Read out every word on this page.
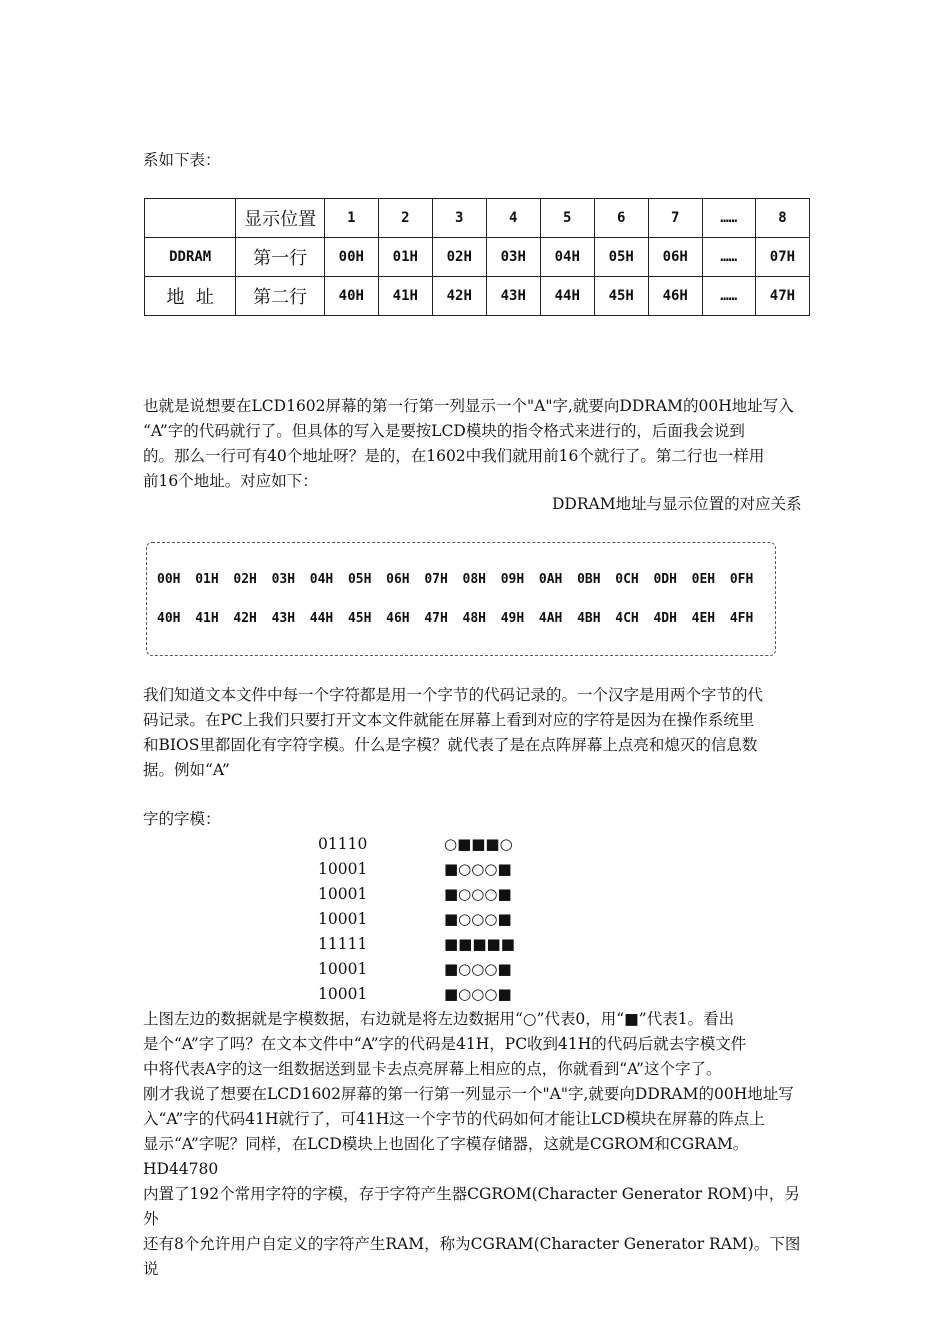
系如下表：

	显示位置	1	2	3	4	5	6	7	……	8
DDRAM	第一行	00H	01H	02H	03H	04H	05H	06H	……	07H
地  址	第二行	40H	41H	42H	43H	44H	45H	46H	……	47H

也就是说想要在LCD1602屏幕的第一行第一列显示一个"A"字,就要向DDRAM的00H地址写入
“A”字的代码就行了。但具体的写入是要按LCD模块的指令格式来进行的，后面我会说到
的。那么一行可有40个地址呀？是的，在1602中我们就用前16个就行了。第二行也一样用
前16个地址。对应如下：

DDRAM地址与显示位置的对应关系
00H	01H	02H	03H	04H	05H	06H	07H	08H	09H	0AH	0BH	0CH	0DH	0EH	0FH
40H	41H	42H	43H	44H	45H	46H	47H	48H	49H	4AH	4BH	4CH	4DH	4EH	4FH

我们知道文本文件中每一个字符都是用一个字节的代码记录的。一个汉字是用两个字节的代
码记录。在PC上我们只要打开文本文件就能在屏幕上看到对应的字符是因为在操作系统里
和BIOS里都固化有字符字模。什么是字模？就代表了是在点阵屏幕上点亮和熄灭的信息数
据。例如“A”

字的字模：

01110	○■■■○
10001	■○○○■
10001	■○○○■
10001	■○○○■
11111	■■■■■
10001	■○○○■
10001	■○○○■

上图左边的数据就是字模数据，右边就是将左边数据用“○”代表0，用“■”代表1。看出
是个“A”字了吗？在文本文件中“A”字的代码是41H，PC收到41H的代码后就去字模文件
中将代表A字的这一组数据送到显卡去点亮屏幕上相应的点，你就看到“A”这个字了。
刚才我说了想要在LCD1602屏幕的第一行第一列显示一个"A"字,就要向DDRAM的00H地址写
入“A”字的代码41H就行了，可41H这一个字节的代码如何才能让LCD模块在屏幕的阵点上
显示“A”字呢？同样，在LCD模块上也固化了字模存储器，这就是CGROM和CGRAM。HD44780
内置了192个常用字符的字模，存于字符产生器CGROM(Character Generator ROM)中，另外
还有8个允许用户自定义的字符产生RAM，称为CGRAM(Character Generator RAM)。下图说
